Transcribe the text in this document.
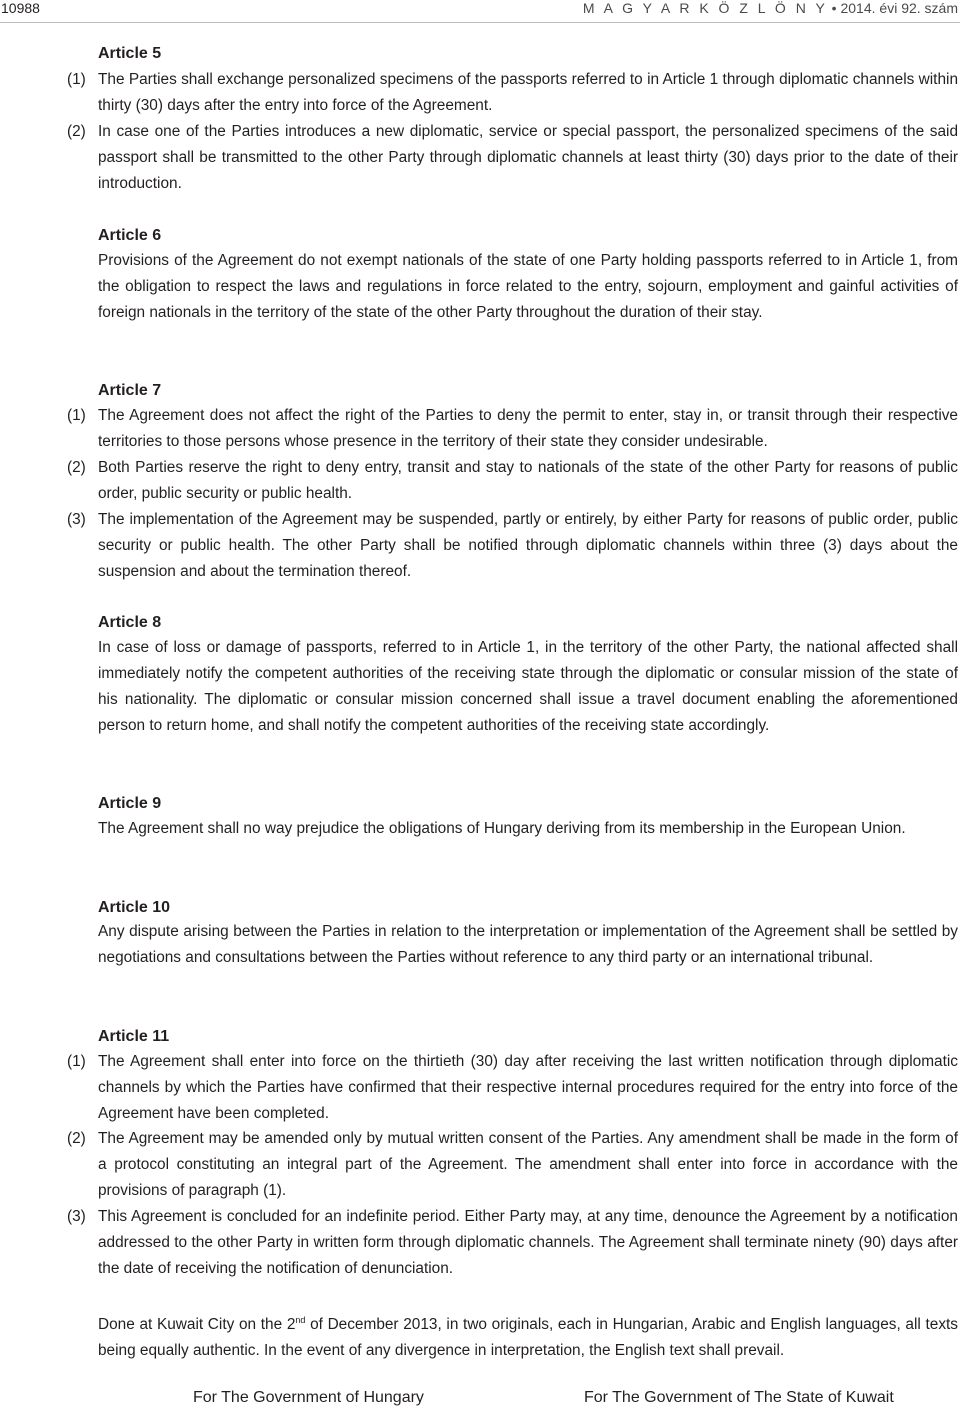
10988	M A G Y A R K Ö Z L Ö N Y • 2014. évi 92. szám
Article 5
(1) The Parties shall exchange personalized specimens of the passports referred to in Article 1 through diplomatic channels within thirty (30) days after the entry into force of the Agreement.
(2) In case one of the Parties introduces a new diplomatic, service or special passport, the personalized specimens of the said passport shall be transmitted to the other Party through diplomatic channels at least thirty (30) days prior to the date of their introduction.
Article 6
Provisions of the Agreement do not exempt nationals of the state of one Party holding passports referred to in Article 1, from the obligation to respect the laws and regulations in force related to the entry, sojourn, employment and gainful activities of foreign nationals in the territory of the state of the other Party throughout the duration of their stay.
Article 7
(1) The Agreement does not affect the right of the Parties to deny the permit to enter, stay in, or transit through their respective territories to those persons whose presence in the territory of their state they consider undesirable.
(2) Both Parties reserve the right to deny entry, transit and stay to nationals of the state of the other Party for reasons of public order, public security or public health.
(3) The implementation of the Agreement may be suspended, partly or entirely, by either Party for reasons of public order, public security or public health. The other Party shall be notified through diplomatic channels within three (3) days about the suspension and about the termination thereof.
Article 8
In case of loss or damage of passports, referred to in Article 1, in the territory of the other Party, the national affected shall immediately notify the competent authorities of the receiving state through the diplomatic or consular mission of the state of his nationality. The diplomatic or consular mission concerned shall issue a travel document enabling the aforementioned person to return home, and shall notify the competent authorities of the receiving state accordingly.
Article 9
The Agreement shall no way prejudice the obligations of Hungary deriving from its membership in the European Union.
Article 10
Any dispute arising between the Parties in relation to the interpretation or implementation of the Agreement shall be settled by negotiations and consultations between the Parties without reference to any third party or an international tribunal.
Article 11
(1) The Agreement shall enter into force on the thirtieth (30) day after receiving the last written notification through diplomatic channels by which the Parties have confirmed that their respective internal procedures required for the entry into force of the Agreement have been completed.
(2) The Agreement may be amended only by mutual written consent of the Parties. Any amendment shall be made in the form of a protocol constituting an integral part of the Agreement. The amendment shall enter into force in accordance with the provisions of paragraph (1).
(3) This Agreement is concluded for an indefinite period. Either Party may, at any time, denounce the Agreement by a notification addressed to the other Party in written form through diplomatic channels. The Agreement shall terminate ninety (90) days after the date of receiving the notification of denunciation.
Done at Kuwait City on the 2nd of December 2013, in two originals, each in Hungarian, Arabic and English languages, all texts being equally authentic. In the event of any divergence in interpretation, the English text shall prevail.
For The Government of Hungary	For The Government of The State of Kuwait
